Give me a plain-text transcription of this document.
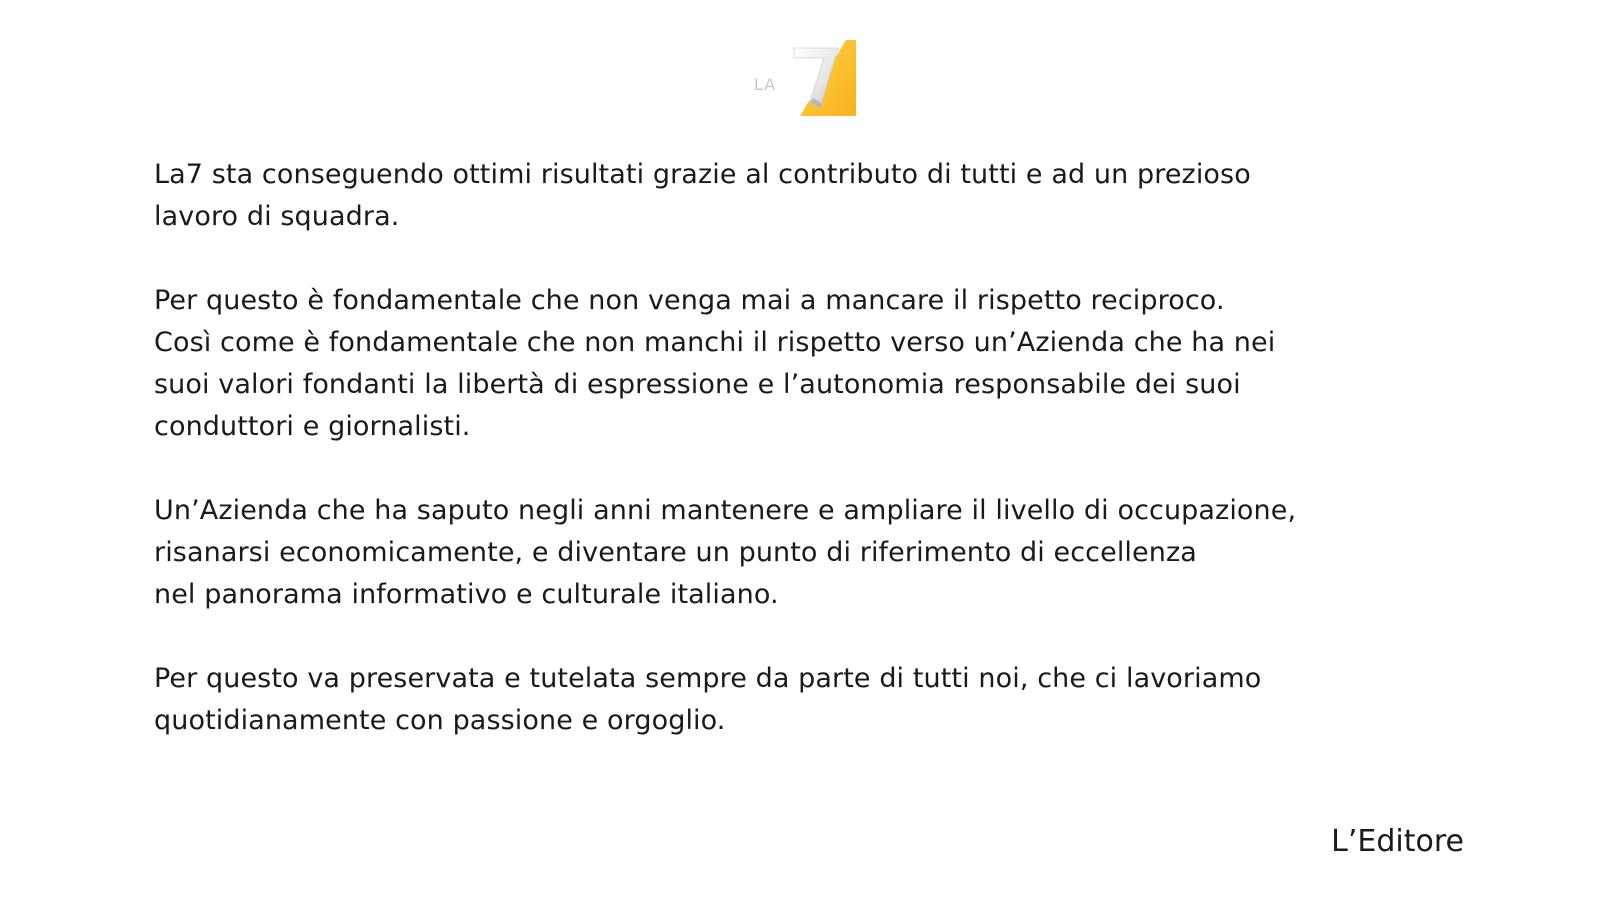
LA

La7 sta conseguendo ottimi risultati grazie al contributo di tutti e ad un prezioso
lavoro di squadra.

Per questo è fondamentale che non venga mai a mancare il rispetto reciproco.
Così come è fondamentale che non manchi il rispetto verso un’Azienda che ha nei
suoi valori fondanti la libertà di espressione e l’autonomia responsabile dei suoi
conduttori e giornalisti.

Un’Azienda che ha saputo negli anni mantenere e ampliare il livello di occupazione,
risanarsi economicamente, e diventare un punto di riferimento di eccellenza
nel panorama informativo e culturale italiano.

Per questo va preservata e tutelata sempre da parte di tutti noi, che ci lavoriamo
quotidianamente con passione e orgoglio.

L’Editore
